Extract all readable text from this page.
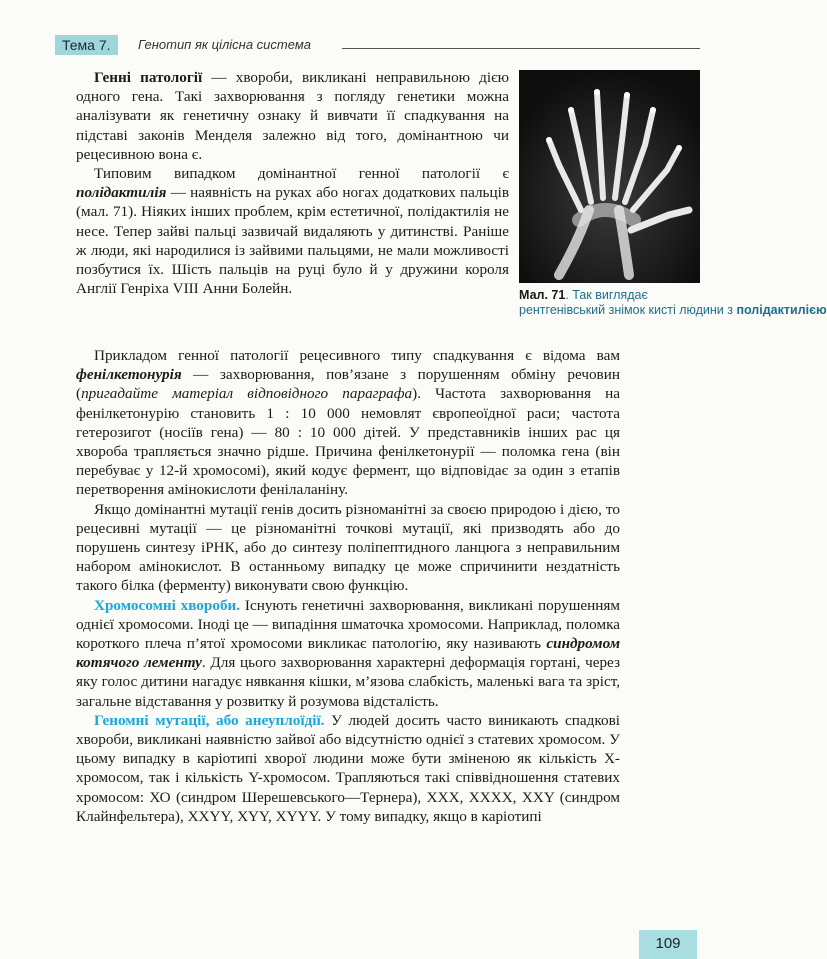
Тема 7.	Генотип як цілісна система

Генні патології — хвороби, викликані неправильною дією одного гена. Такі захворювання з погляду генетики можна аналізувати як генетичну ознаку й вивчати її спадкування на підставі законів Менделя залежно від того, домінантною чи рецесивною вона є.

Типовим випадком домінантної генної патології є полідактилія — наявність на руках або ногах додаткових пальців (мал. 71). Ніяких інших проблем, крім естетичної, полідактилія не несе. Тепер зайві пальці зазвичай видаляють у дитинстві. Раніше ж люди, які народилися із зайвими пальцями, не мали можливості позбутися їх. Шість пальців на руці було й у дружини короля Англії Генріха VIII Анни Болейн.

Прикладом генної патології рецесивного типу спадкування є відома вам фенілкетонурія — захворювання, пов’язане з порушенням обміну речовин (пригадайте матеріал відповідного параграфа). Частота захворювання на фенілкетонурію становить 1 : 10 000 немовлят європеоїдної раси; частота гетерозигот (носіїв гена) — 80 : 10 000 дітей. У представників інших рас ця хвороба трапляється значно рідше. Причина фенілкетонурії — поломка гена (він перебуває у 12-й хромосомі), який кодує фермент, що відповідає за один з етапів перетворення амінокислоти фенілаланіну.

Якщо домінантні мутації генів досить різноманітні за своєю природою і дією, то рецесивні мутації — це різноманітні точкові мутації, які призводять або до порушень синтезу іРНК, або до синтезу поліпептидного ланцюга з неправильним набором амінокислот. В останньому випадку це може спричинити нездатність такого білка (ферменту) виконувати свою функцію.

Хромосомні хвороби. Існують генетичні захворювання, викликані порушенням однієї хромосоми. Іноді це — випадіння шматочка хромосоми. Наприклад, поломка короткого плеча п’ятої хромосоми викликає патологію, яку називають синдромом котячого лементу. Для цього захворювання характерні деформація гортані, через яку голос дитини нагадує нявкання кішки, м’язова слабкість, маленькі вага та зріст, загальне відставання у розвитку й розумова відсталість.

Геномні мутації, або анеуплоїдії. У людей досить часто виникають спадкові хвороби, викликані наявністю зайвої або відсутністю однієї з статевих хромосом. У цьому випадку в каріотипі хворої людини може бути зміненою як кількість Х-хромосом, так і кількість Y-хромосом. Трапляються такі співвідношення статевих хромосом: ХО (синдром Шерешевського—Тернера), ХХХ, ХХХХ, ХХY (синдром Клайнфельтера), ХХYY, ХYY, ХYYY. У тому випадку, якщо в каріотипі

Мал. 71. Так виглядає
рентгенівський знімок кисті людини з полідактилією
109
